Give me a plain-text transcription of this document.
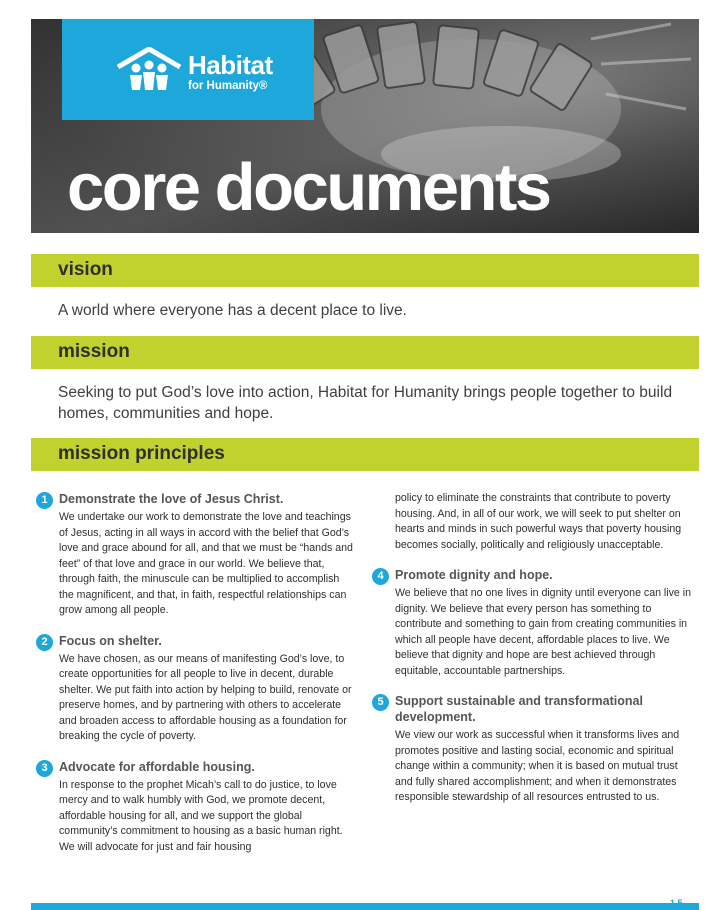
Habitat
for Humanity®
core documents
vision

A world where everyone has a decent place to live.

mission

Seeking to put God’s love into action, Habitat for Humanity brings people together to build homes, communities and hope.

mission principles
1 Demonstrate the love of Jesus Christ.

We undertake our work to demonstrate the love and teachings of Jesus, acting in all ways in accord with the belief that God’s love and grace abound for all, and that we must be “hands and feet” of that love and grace in our world. We believe that, through faith, the minuscule can be multiplied to accomplish the magnificent, and that, in faith, respectful relationships can grow among all people.

2 Focus on shelter.

We have chosen, as our means of manifesting God’s love, to create opportunities for all people to live in decent, durable shelter. We put faith into action by helping to build, renovate or preserve homes, and by partnering with others to accelerate and broaden access to affordable housing as a foundation for breaking the cycle of poverty.

3 Advocate for affordable housing.

In response to the prophet Micah’s call to do justice, to love mercy and to walk humbly with God, we promote decent, affordable housing for all, and we support the global community’s commitment to housing as a basic human right. We will advocate for just and fair housing

policy to eliminate the constraints that contribute to poverty housing. And, in all of our work, we will seek to put shelter on hearts and minds in such powerful ways that poverty housing becomes socially, politically and religiously unacceptable.

4 Promote dignity and hope.

We believe that no one lives in dignity until everyone can live in dignity. We believe that every person has something to contribute and something to gain from creating communities in which all people have decent, affordable places to live. We believe that dignity and hope are best achieved through equitable, accountable partnerships.

5 Support sustainable and transformational development.

We view our work as successful when it transforms lives and promotes positive and lasting social, economic and spiritual change within a community; when it is based on mutual trust and fully shared accomplishment; and when it demonstrates responsible stewardship of all resources entrusted to us.

1.5
